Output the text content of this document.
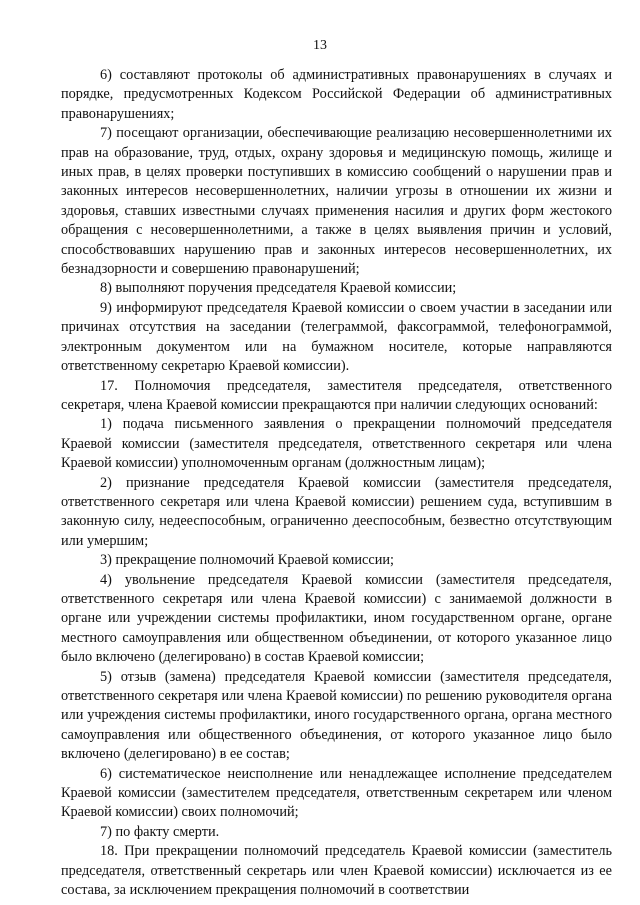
13

6) составляют протоколы об административных правонарушениях в случаях и порядке, предусмотренных Кодексом Российской Федерации об административных правонарушениях;

7) посещают организации, обеспечивающие реализацию несовершеннолетними их прав на образование, труд, отдых, охрану здоровья и медицинскую помощь, жилище и иных прав, в целях проверки поступивших в комиссию сообщений о нарушении прав и законных интересов несовершеннолетних, наличии угрозы в отношении их жизни и здоровья, ставших известными случаях применения насилия и других форм жестокого обращения с несовершеннолетними, а также в целях выявления причин и условий, способствовавших нарушению прав и законных интересов несовершеннолетних, их безнадзорности и совершению правонарушений;

8) выполняют поручения председателя Краевой комиссии;

9) информируют председателя Краевой комиссии о своем участии в заседании или причинах отсутствия на заседании (телеграммой, факсограммой, телефонограммой, электронным документом или на бумажном носителе, которые направляются ответственному секретарю Краевой комиссии).

17. Полномочия председателя, заместителя председателя, ответственного секретаря, члена Краевой комиссии прекращаются при наличии следующих оснований:

1) подача письменного заявления о прекращении полномочий председателя Краевой комиссии (заместителя председателя, ответственного секретаря или члена Краевой комиссии) уполномоченным органам (должностным лицам);

2) признание председателя Краевой комиссии (заместителя председателя, ответственного секретаря или члена Краевой комиссии) решением суда, вступившим в законную силу, недееспособным, ограниченно дееспособным, безвестно отсутствующим или умершим;

3) прекращение полномочий Краевой комиссии;

4) увольнение председателя Краевой комиссии (заместителя председателя, ответственного секретаря или члена Краевой комиссии) с занимаемой должности в органе или учреждении системы профилактики, ином государственном органе, органе местного самоуправления или общественном объединении, от которого указанное лицо было включено (делегировано) в состав Краевой комиссии;

5) отзыв (замена) председателя Краевой комиссии (заместителя председателя, ответственного секретаря или члена Краевой комиссии) по решению руководителя органа или учреждения системы профилактики, иного государственного органа, органа местного самоуправления или общественного объединения, от которого указанное лицо было включено (делегировано) в ее состав;

6) систематическое неисполнение или ненадлежащее исполнение председателем Краевой комиссии (заместителем председателя, ответственным секретарем или членом Краевой комиссии) своих полномочий;

7) по факту смерти.

18. При прекращении полномочий председатель Краевой комиссии (заместитель председателя, ответственный секретарь или член Краевой комиссии) исключается из ее состава, за исключением прекращения полномочий в соответствии
